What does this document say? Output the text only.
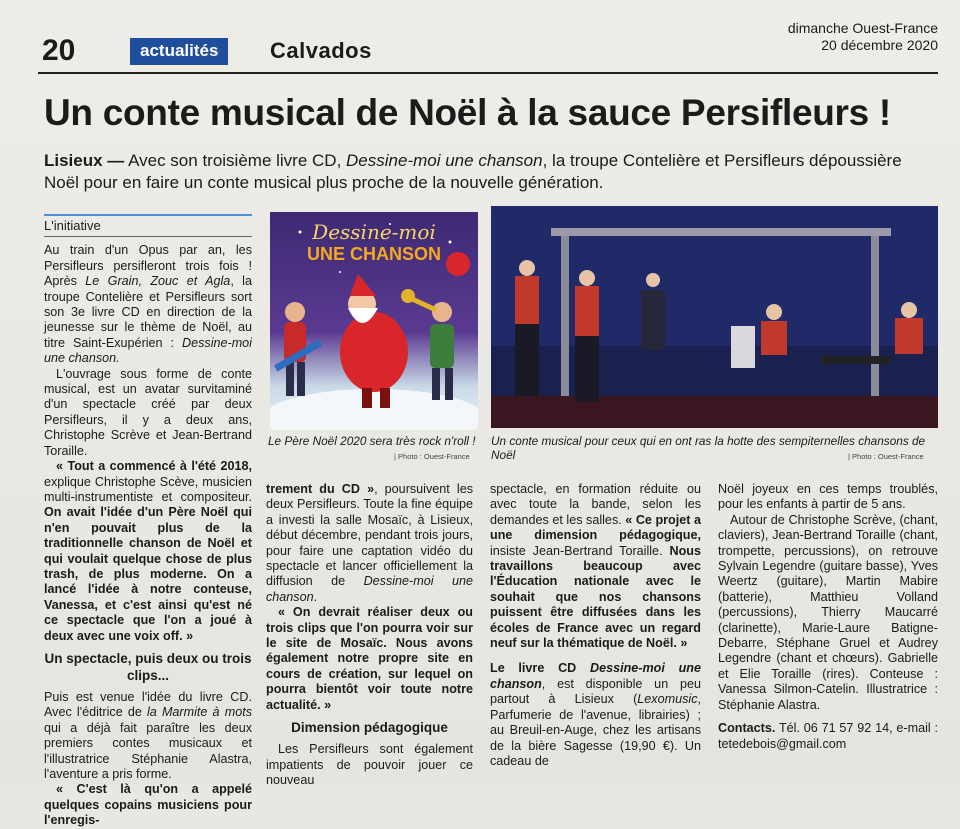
20	actualités	Calvados
dimanche Ouest-France
20 décembre 2020
Un conte musical de Noël à la sauce Persifleurs !
Lisieux — Avec son troisième livre CD, Dessine-moi une chanson, la troupe Contelière et Persifleurs dépoussière Noël pour en faire un conte musical plus proche de la nouvelle génération.
L'initiative

Au train d'un Opus par an, les Persifleurs persifleront trois fois ! Après Le Grain, Zouc et Agla, la troupe Contelière et Persifleurs sort son 3e livre CD en direction de la jeunesse sur le thème de Noël, au titre Saint-Exupérien : Dessine-moi une chanson.

L'ouvrage sous forme de conte musical, est un avatar survitaminé d'un spectacle créé par deux Persifleurs, il y a deux ans, Christophe Scrève et Jean-Bertrand Toraille.

« Tout a commencé à l'été 2018, explique Christophe Scève, musicien multi-instrumentiste et compositeur. On avait l'idée d'un Père Noël qui n'en pouvait plus de la traditionnelle chanson de Noël et qui voulait quelque chose de plus trash, de plus moderne. On a lancé l'idée à notre conteuse, Vanessa, et c'est ainsi qu'est né ce spectacle que l'on a joué à deux avec une voix off. »

Un spectacle, puis deux ou trois clips...

Puis est venue l'idée du livre CD. Avec l'éditrice de la Marmite à mots qui a déjà fait paraître les deux premiers contes musicaux et l'illustratrice Stéphanie Alastra, l'aventure a pris forme.

« C'est là qu'on a appelé quelques copains musiciens pour l'enregis-

Dessine-moi
UNE CHANSON
Le Père Noël 2020 sera très rock n'roll !
| Photo : Ouest-France
Un conte musical pour ceux qui en ont ras la hotte des sempiternelles chansons de Noël	| Photo : Ouest-France

trement du CD », poursuivent les deux Persifleurs. Toute la fine équipe a investi la salle Mosaïc, à Lisieux, début décembre, pendant trois jours, pour faire une captation vidéo du spectacle et lancer officiellement la diffusion de Dessine-moi une chanson.

« On devrait réaliser deux ou trois clips que l'on pourra voir sur le site de Mosaïc. Nous avons également notre propre site en cours de création, sur lequel on pourra bientôt voir toute notre actualité. »

Dimension pédagogique

Les Persifleurs sont également impatients de pouvoir jouer ce nouveau

spectacle, en formation réduite ou avec toute la bande, selon les demandes et les salles. « Ce projet a une dimension pédagogique, insiste Jean-Bertrand Toraille. Nous travaillons beaucoup avec l'Éducation nationale avec le souhait que nos chansons puissent être diffusées dans les écoles de France avec un regard neuf sur la thématique de Noël. »

Le livre CD Dessine-moi une chanson, est disponible un peu partout à Lisieux (Lexomusic, Parfumerie de l'avenue, librairies) ; au Breuil-en-Auge, chez les artisans de la bière Sagesse (19,90 €). Un cadeau de

Noël joyeux en ces temps troublés, pour les enfants à partir de 5 ans.

Autour de Christophe Scrève, (chant, claviers), Jean-Bertrand Toraille (chant, trompette, percussions), on retrouve Sylvain Legendre (guitare basse), Yves Weertz (guitare), Martin Mabire (batterie), Matthieu Volland (percussions), Thierry Maucarré (clarinette), Marie-Laure Batigne-Debarre, Stéphane Gruel et Audrey Legendre (chant et chœurs). Gabrielle et Elie Toraille (rires). Conteuse : Vanessa Silmon-Catelin. Illustratrice : Stéphanie Alastra.

Contacts. Tél. 06 71 57 92 14, e-mail : tetedebois@gmail.com
